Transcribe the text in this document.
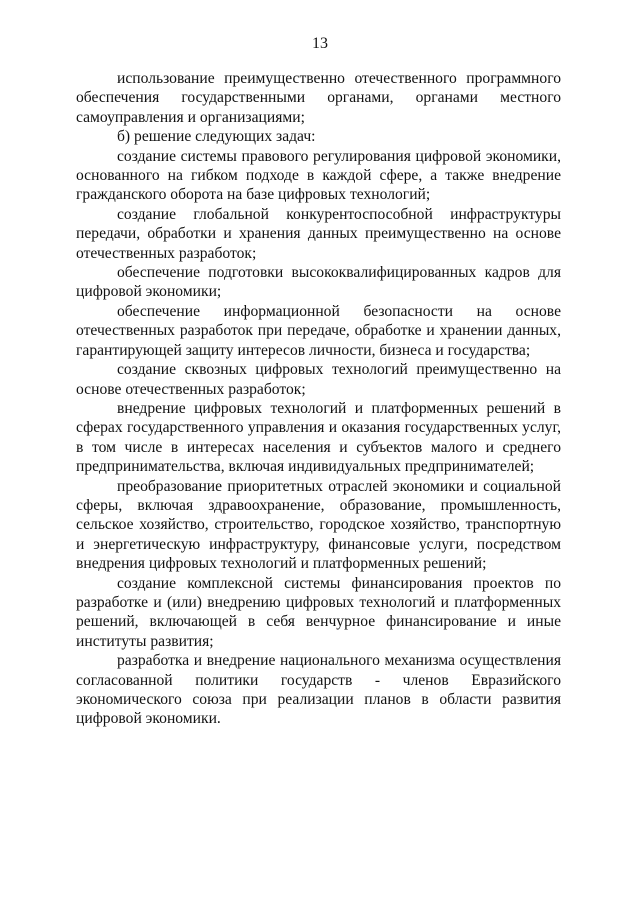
13

использование преимущественно отечественного программного обеспечения государственными органами, органами местного самоуправления и организациями;

б) решение следующих задач:

создание системы правового регулирования цифровой экономики, основанного на гибком подходе в каждой сфере, а также внедрение гражданского оборота на базе цифровых технологий;

создание глобальной конкурентоспособной инфраструктуры передачи, обработки и хранения данных преимущественно на основе отечественных разработок;

обеспечение подготовки высококвалифицированных кадров для цифровой экономики;

обеспечение информационной безопасности на основе отечественных разработок при передаче, обработке и хранении данных, гарантирующей защиту интересов личности, бизнеса и государства;

создание сквозных цифровых технологий преимущественно на основе отечественных разработок;

внедрение цифровых технологий и платформенных решений в сферах государственного управления и оказания государственных услуг, в том числе в интересах населения и субъектов малого и среднего предпринимательства, включая индивидуальных предпринимателей;

преобразование приоритетных отраслей экономики и социальной сферы, включая здравоохранение, образование, промышленность, сельское хозяйство, строительство, городское хозяйство, транспортную и энергетическую инфраструктуру, финансовые услуги, посредством внедрения цифровых технологий и платформенных решений;

создание комплексной системы финансирования проектов по разработке и (или) внедрению цифровых технологий и платформенных решений, включающей в себя венчурное финансирование и иные институты развития;

разработка и внедрение национального механизма осуществления согласованной политики государств - членов Евразийского экономического союза при реализации планов в области развития цифровой экономики.
